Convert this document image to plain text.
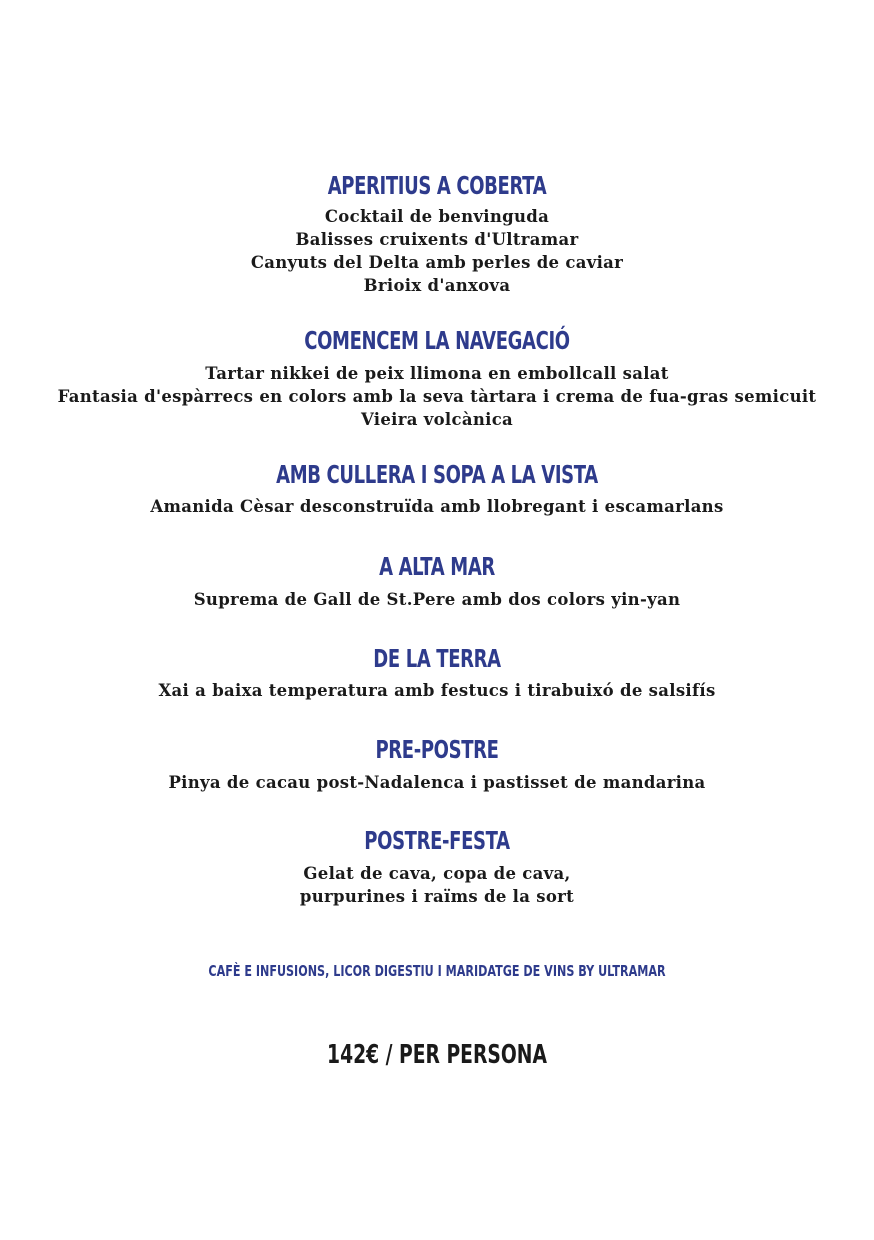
APERITIUS A COBERTA
Cocktail de benvinguda
Balisses cruixents d'Ultramar
Canyuts del Delta amb perles de caviar
Brioix d'anxova
COMENCEM LA NAVEGACIÓ
Tartar nikkei de peix llimona en embollcall salat
Fantasia d'espàrrecs en colors amb la seva tàrtara i crema de fua-gras semicuit
Vieira volcànica
AMB CULLERA I SOPA A LA VISTA
Amanida Cèsar desconstruïda amb llobregant i escamarlans
A ALTA MAR
Suprema de Gall de St.Pere amb dos colors yin-yan
DE LA TERRA
Xai a baixa temperatura amb festucs i tirabuixó de salsifís
PRE-POSTRE
Pinya de cacau post-Nadalenca i pastisset de mandarina
POSTRE-FESTA
Gelat de cava, copa de cava,
purpurines i raïms de la sort
CAFÈ E INFUSIONS, LICOR DIGESTIU I MARIDATGE DE VINS BY ULTRAMAR
142€ / PER PERSONA
